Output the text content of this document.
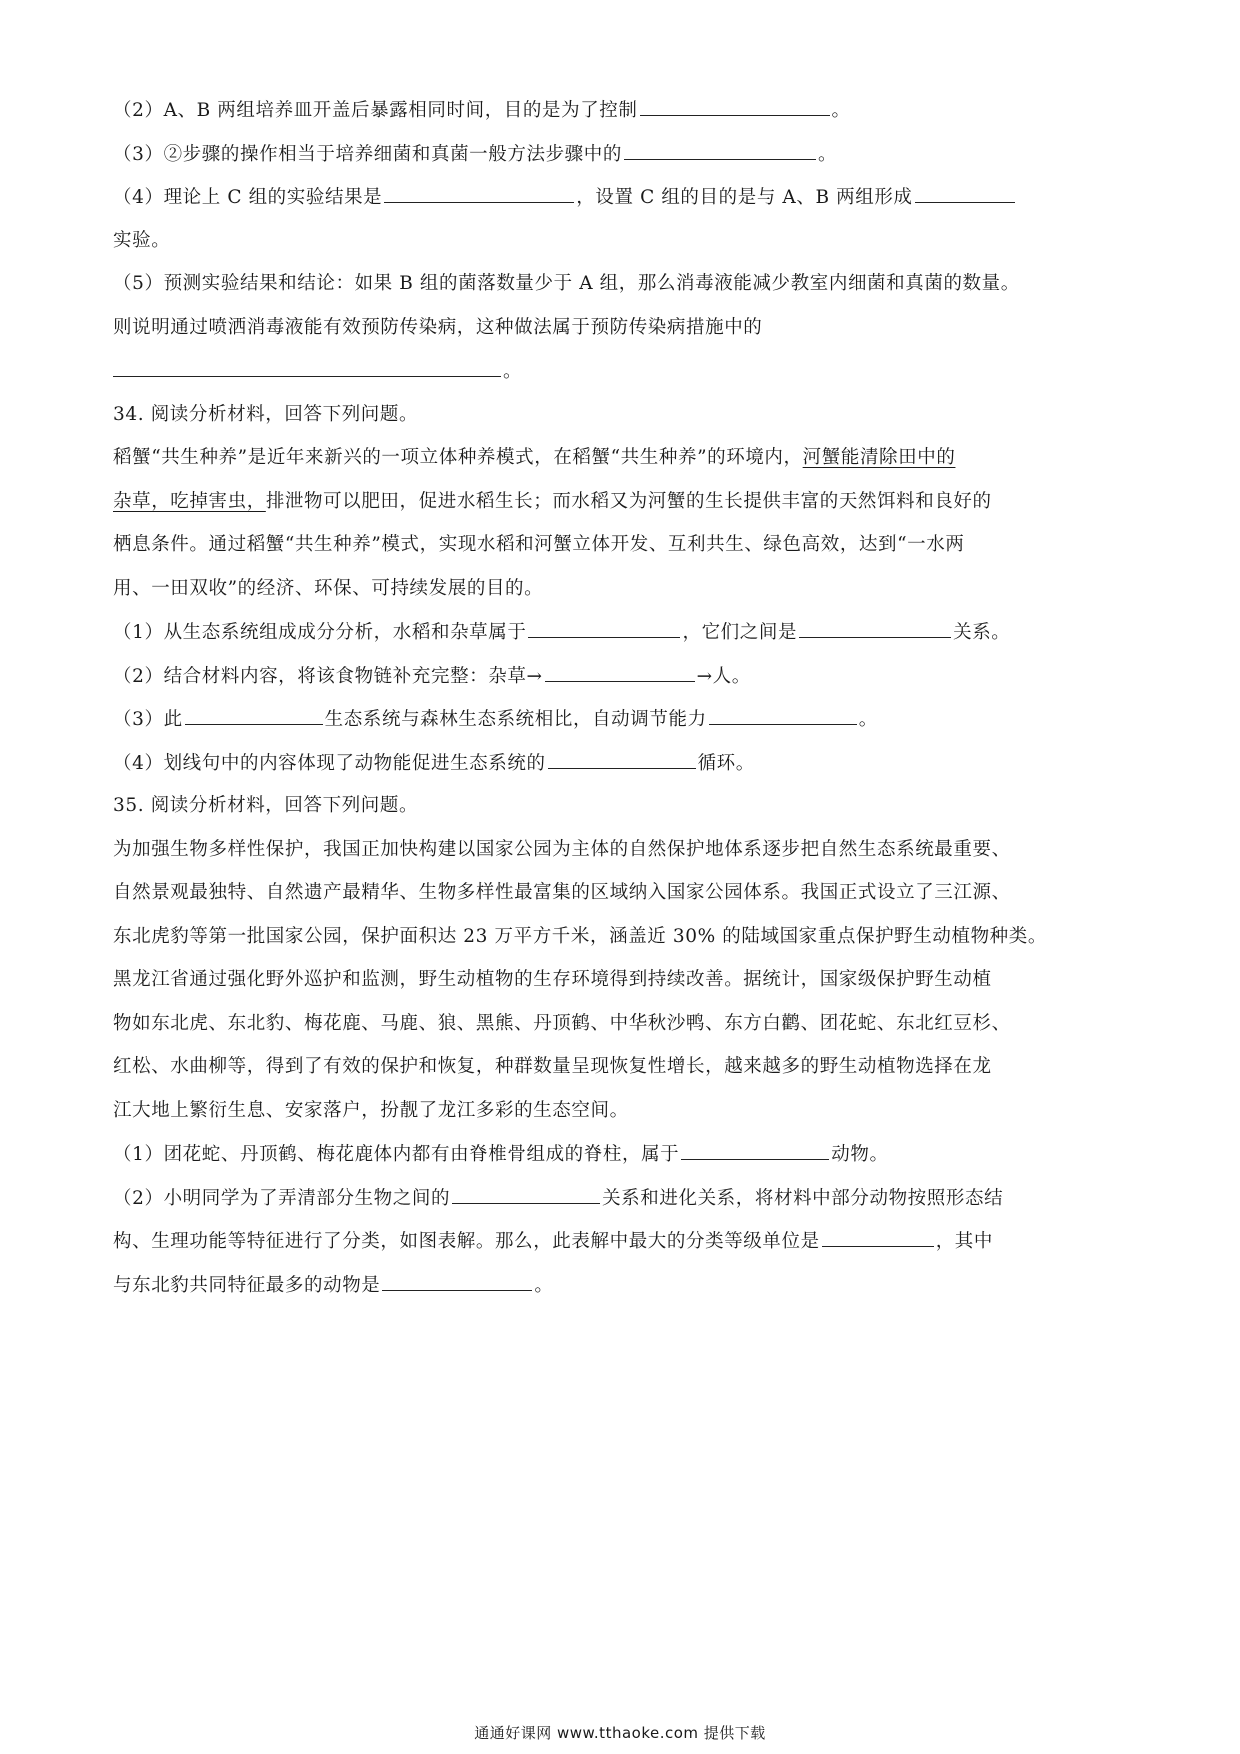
（2）A、B 两组培养皿开盖后暴露相同时间，目的是为了控制	。
（3）②步骤的操作相当于培养细菌和真菌一般方法步骤中的	。
（4）理论上 C 组的实验结果是	，设置 C 组的目的是与 A、B 两组形成
实验。
（5）预测实验结果和结论：如果 B 组的菌落数量少于 A 组，那么消毒液能减少教室内细菌和真菌的数量。
则说明通过喷洒消毒液能有效预防传染病，这种做法属于预防传染病措施中的
。
34. 阅读分析材料，回答下列问题。
稻蟹“共生种养”是近年来新兴的一项立体种养模式，在稻蟹“共生种养”的环境内，河蟹能清除田中的
杂草，吃掉害虫，排泄物可以肥田，促进水稻生长；而水稻又为河蟹的生长提供丰富的天然饵料和良好的
栖息条件。通过稻蟹“共生种养”模式，实现水稻和河蟹立体开发、互利共生、绿色高效，达到“一水两
用、一田双收”的经济、环保、可持续发展的目的。
（1）从生态系统组成成分分析，水稻和杂草属于	，它们之间是	关系。
（2）结合材料内容，将该食物链补充完整：杂草→	→人。
（3）此	生态系统与森林生态系统相比，自动调节能力	。
（4）划线句中的内容体现了动物能促进生态系统的	循环。
35. 阅读分析材料，回答下列问题。
为加强生物多样性保护，我国正加快构建以国家公园为主体的自然保护地体系逐步把自然生态系统最重要、
自然景观最独特、自然遗产最精华、生物多样性最富集的区域纳入国家公园体系。我国正式设立了三江源、
东北虎豹等第一批国家公园，保护面积达 23 万平方千米，涵盖近 30% 的陆域国家重点保护野生动植物种类。
黑龙江省通过强化野外巡护和监测，野生动植物的生存环境得到持续改善。据统计，国家级保护野生动植
物如东北虎、东北豹、梅花鹿、马鹿、狼、黑熊、丹顶鹤、中华秋沙鸭、东方白鹳、团花蛇、东北红豆杉、
红松、水曲柳等，得到了有效的保护和恢复，种群数量呈现恢复性增长，越来越多的野生动植物选择在龙
江大地上繁衍生息、安家落户，扮靓了龙江多彩的生态空间。
（1）团花蛇、丹顶鹤、梅花鹿体内都有由脊椎骨组成的脊柱，属于	动物。
（2）小明同学为了弄清部分生物之间的	关系和进化关系，将材料中部分动物按照形态结
构、生理功能等特征进行了分类，如图表解。那么，此表解中最大的分类等级单位是	，其中
与东北豹共同特征最多的动物是	。
通通好课网 www.tthaoke.com 提供下载
